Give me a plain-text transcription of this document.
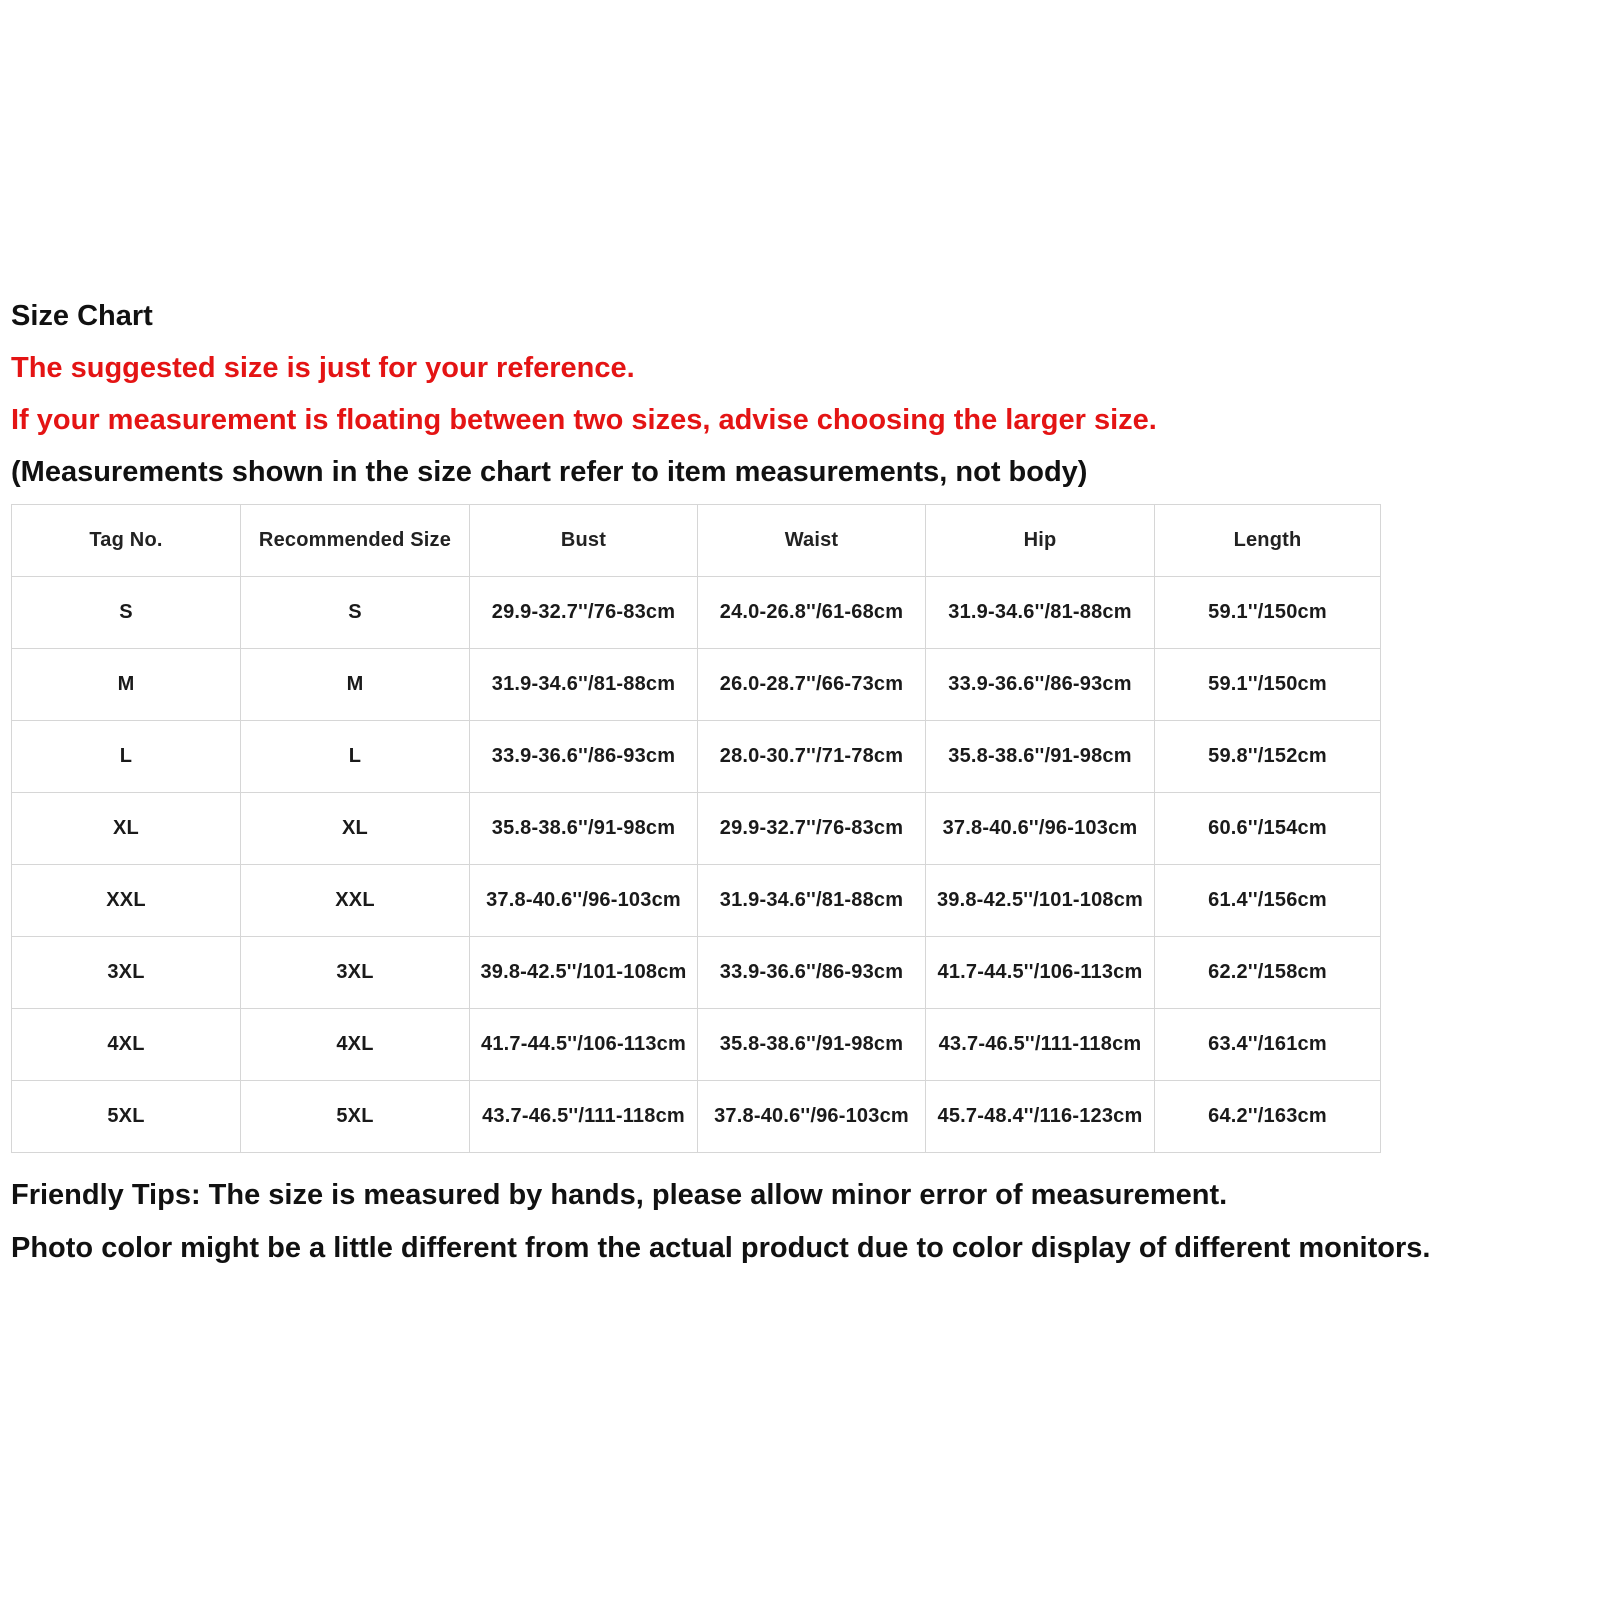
Size Chart

The suggested size is just for your reference.

If your measurement is floating between two sizes, advise choosing the larger size.

(Measurements shown in the size chart refer to item measurements, not body)

Tag No.	Recommended Size	Bust	Waist	Hip	Length
S	S	29.9-32.7''/76-83cm	24.0-26.8''/61-68cm	31.9-34.6''/81-88cm	59.1''/150cm
M	M	31.9-34.6''/81-88cm	26.0-28.7''/66-73cm	33.9-36.6''/86-93cm	59.1''/150cm
L	L	33.9-36.6''/86-93cm	28.0-30.7''/71-78cm	35.8-38.6''/91-98cm	59.8''/152cm
XL	XL	35.8-38.6''/91-98cm	29.9-32.7''/76-83cm	37.8-40.6''/96-103cm	60.6''/154cm
XXL	XXL	37.8-40.6''/96-103cm	31.9-34.6''/81-88cm	39.8-42.5''/101-108cm	61.4''/156cm
3XL	3XL	39.8-42.5''/101-108cm	33.9-36.6''/86-93cm	41.7-44.5''/106-113cm	62.2''/158cm
4XL	4XL	41.7-44.5''/106-113cm	35.8-38.6''/91-98cm	43.7-46.5''/111-118cm	63.4''/161cm
5XL	5XL	43.7-46.5''/111-118cm	37.8-40.6''/96-103cm	45.7-48.4''/116-123cm	64.2''/163cm

Friendly Tips: The size is measured by hands, please allow minor error of measurement.

Photo color might be a little different from the actual product due to color display of different monitors.
